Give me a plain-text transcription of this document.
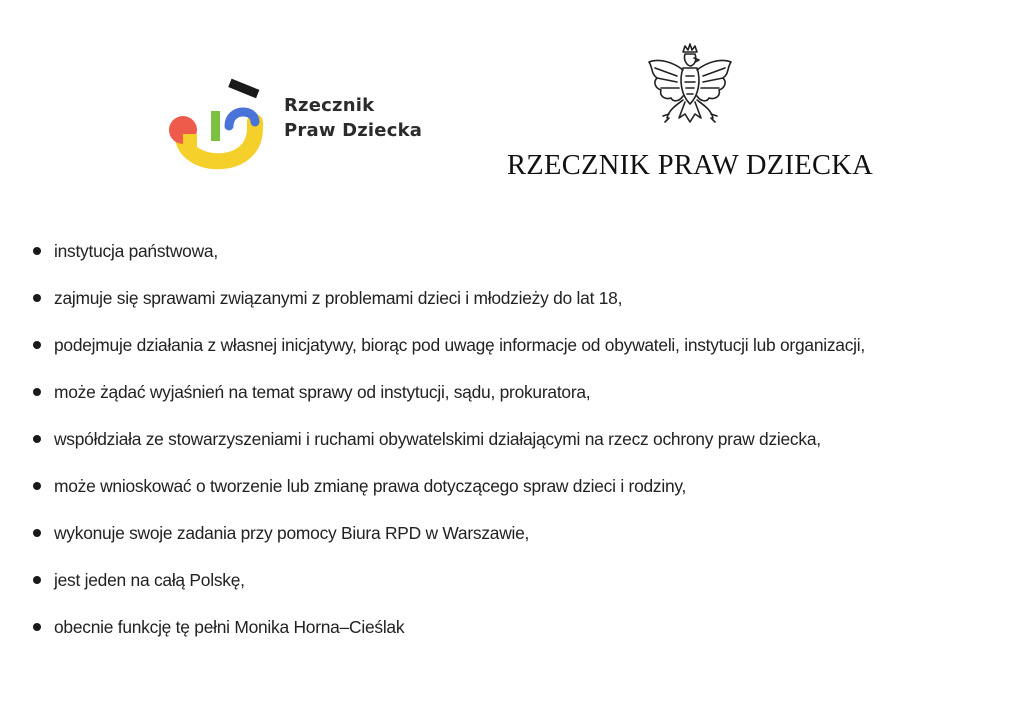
Rzecznik
Praw Dziecka
RZECZNIK PRAW DZIECKA
instytucja państwowa,
zajmuje się sprawami związanymi z problemami dzieci i młodzieży do lat 18,
podejmuje działania z własnej inicjatywy, biorąc pod uwagę informacje od obywateli, instytucji lub organizacji,
może żądać wyjaśnień na temat sprawy od instytucji, sądu, prokuratora,
współdziała ze stowarzyszeniami i ruchami obywatelskimi działającymi na rzecz ochrony praw dziecka,
może wnioskować o tworzenie lub zmianę prawa dotyczącego spraw dzieci i rodziny,
wykonuje swoje zadania przy pomocy Biura RPD w Warszawie,
jest jeden na całą Polskę,
obecnie funkcję tę pełni Monika Horna–Cieślak
